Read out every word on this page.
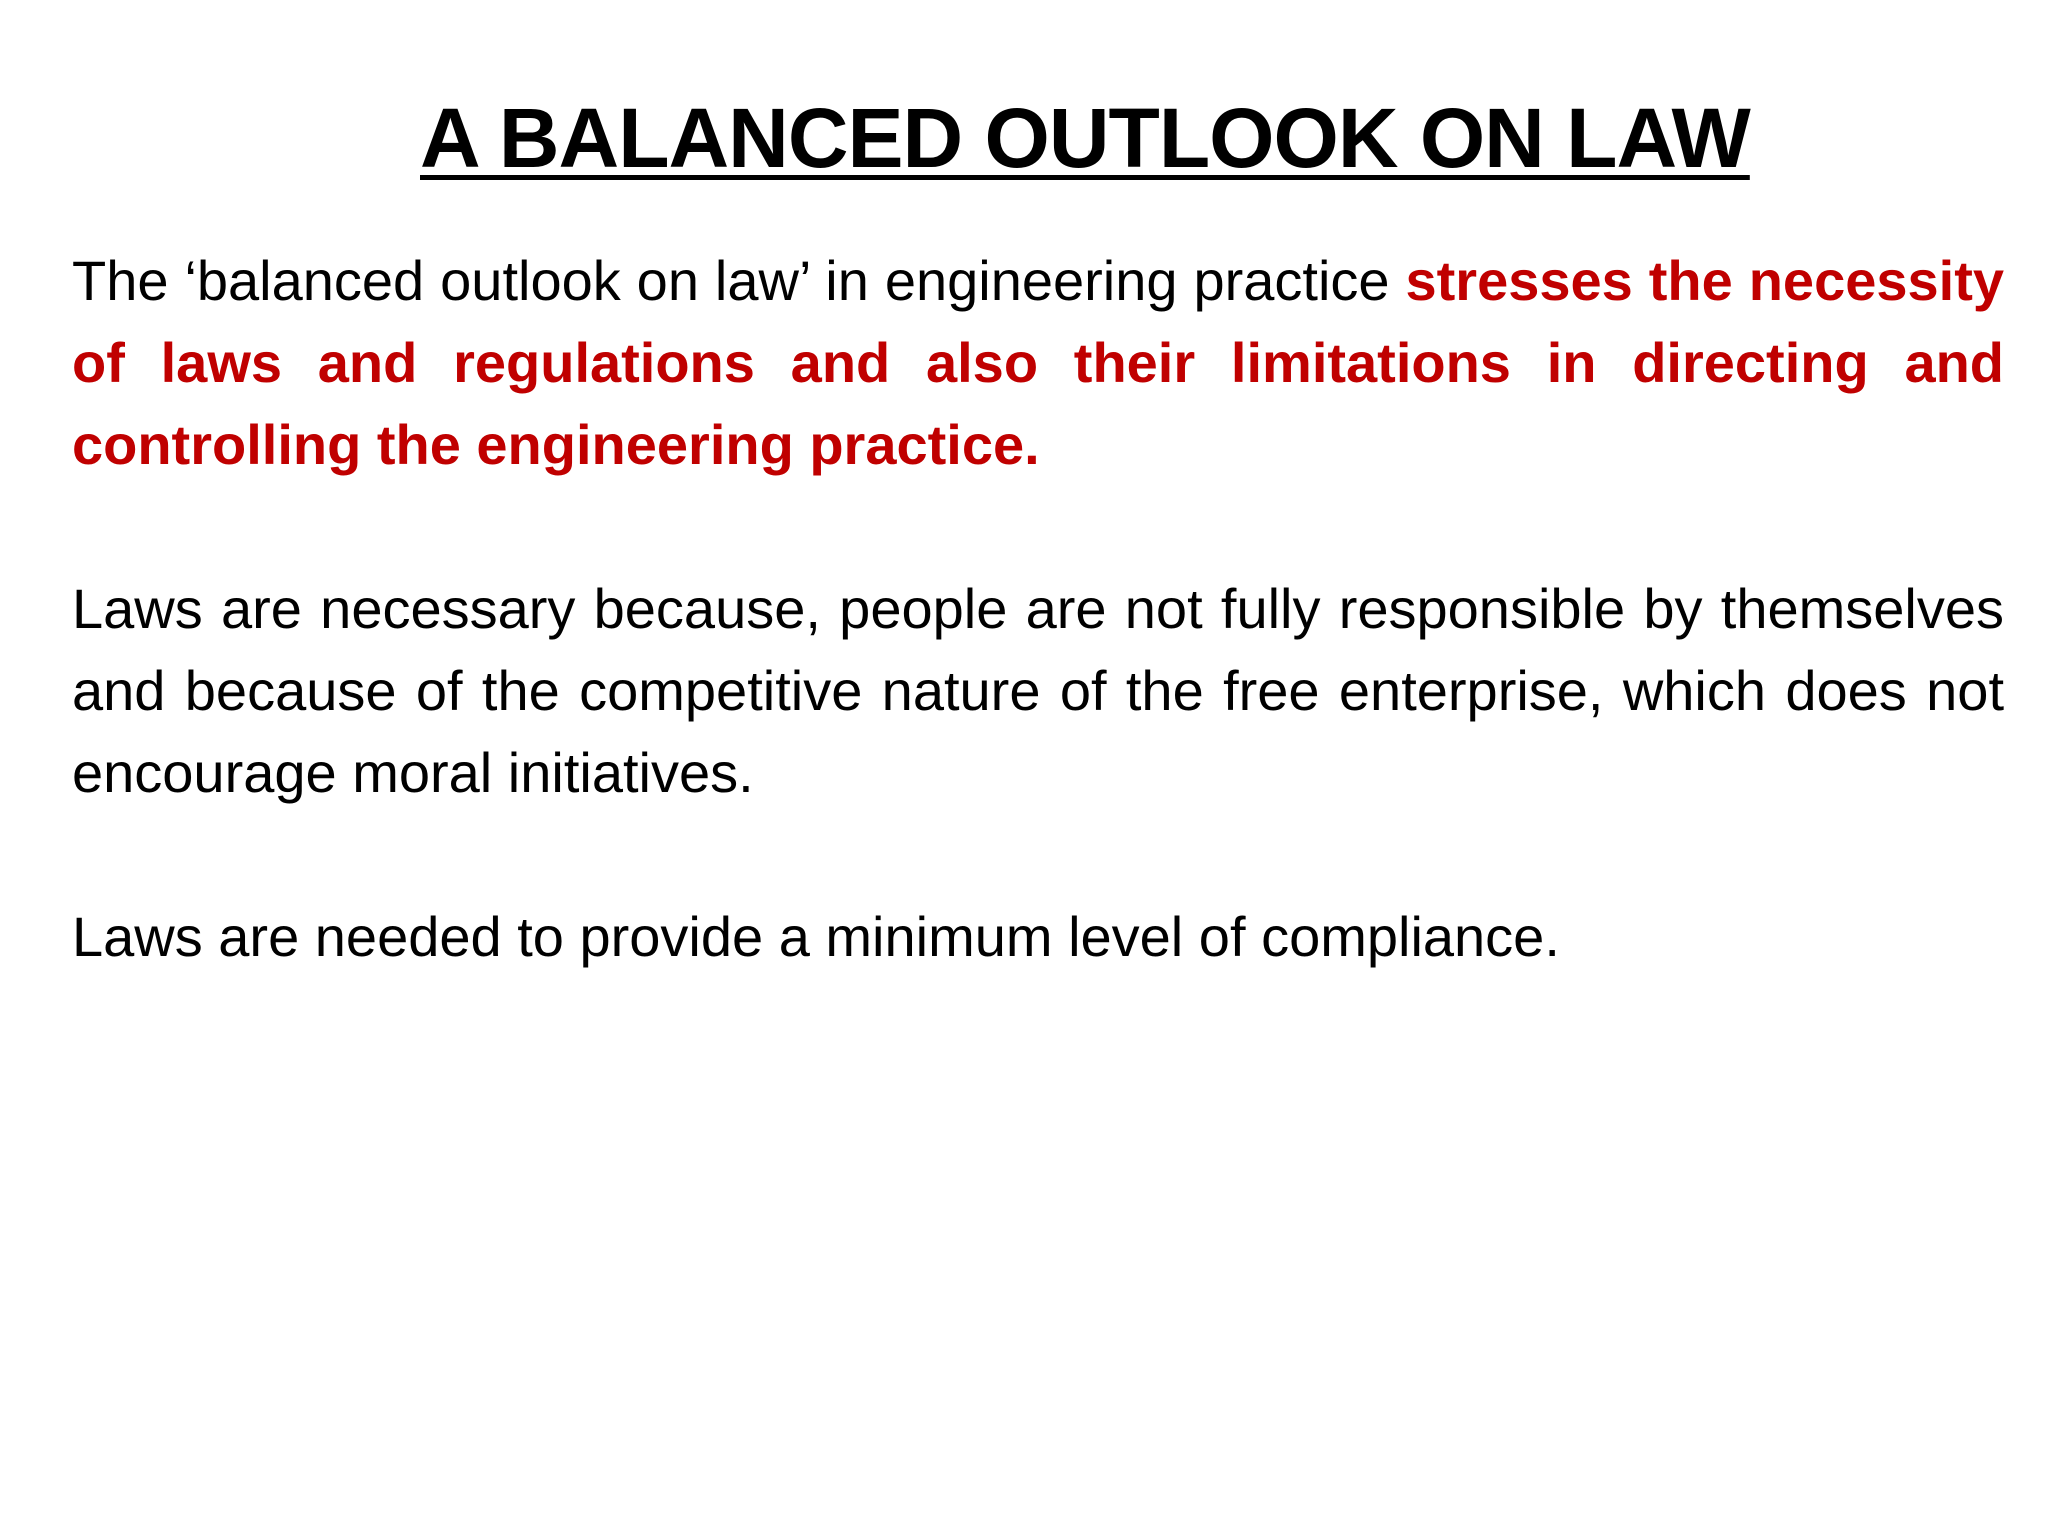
A BALANCED OUTLOOK ON LAW

The ‘balanced outlook on law’ in engineering practice stresses the necessity of laws and regulations and also their limitations in directing and controlling the engineering practice.

Laws are necessary because, people are not fully responsible by themselves and because of the competitive nature of the free enterprise, which does not encourage moral initiatives.

Laws are needed to provide a minimum level of compliance.
